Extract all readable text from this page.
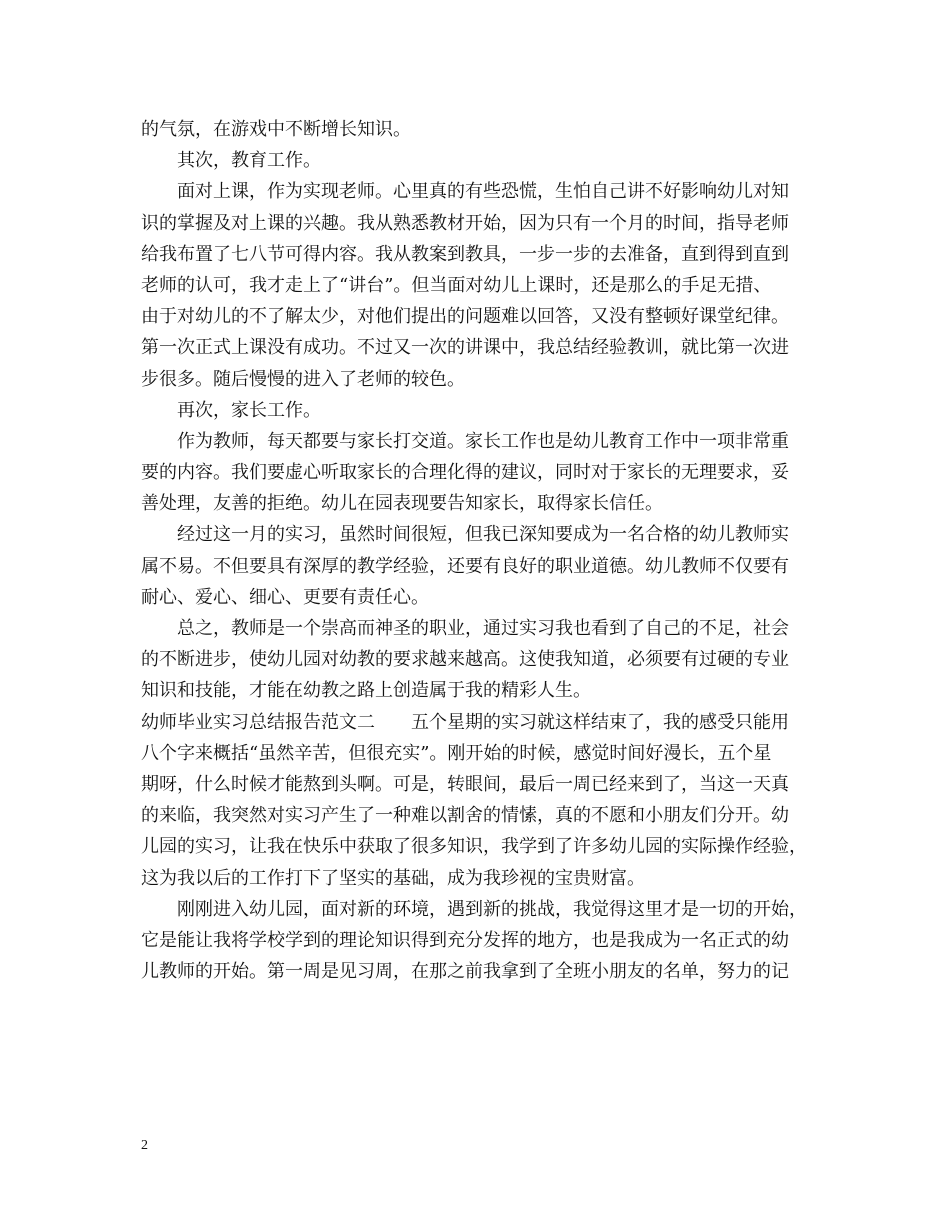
的气氛，在游戏中不断增长知识。
其次，教育工作。
面对上课，作为实现老师。心里真的有些恐慌，生怕自己讲不好影响幼儿对知
识的掌握及对上课的兴趣。我从熟悉教材开始，因为只有一个月的时间，指导老师
给我布置了七八节可得内容。我从教案到教具，一步一步的去准备，直到得到直到
老师的认可，我才走上了“讲台”。但当面对幼儿上课时，还是那么的手足无措、
由于对幼儿的不了解太少，对他们提出的问题难以回答，又没有整顿好课堂纪律。
第一次正式上课没有成功。不过又一次的讲课中，我总结经验教训，就比第一次进
步很多。随后慢慢的进入了老师的较色。
再次，家长工作。
作为教师，每天都要与家长打交道。家长工作也是幼儿教育工作中一项非常重
要的内容。我们要虚心听取家长的合理化得的建议，同时对于家长的无理要求，妥
善处理，友善的拒绝。幼儿在园表现要告知家长，取得家长信任。
经过这一月的实习，虽然时间很短，但我已深知要成为一名合格的幼儿教师实
属不易。不但要具有深厚的教学经验，还要有良好的职业道德。幼儿教师不仅要有
耐心、爱心、细心、更要有责任心。
总之，教师是一个崇高而神圣的职业，通过实习我也看到了自己的不足，社会
的不断进步，使幼儿园对幼教的要求越来越高。这使我知道，必须要有过硬的专业
知识和技能，才能在幼教之路上创造属于我的精彩人生。
幼师毕业实习总结报告范文二　　五个星期的实习就这样结束了，我的感受只能用
八个字来概括“虽然辛苦，但很充实”。刚开始的时候，感觉时间好漫长，五个星
期呀，什么时候才能熬到头啊。可是，转眼间，最后一周已经来到了，当这一天真
的来临，我突然对实习产生了一种难以割舍的情愫，真的不愿和小朋友们分开。幼
儿园的实习，让我在快乐中获取了很多知识，我学到了许多幼儿园的实际操作经验，
这为我以后的工作打下了坚实的基础，成为我珍视的宝贵财富。
刚刚进入幼儿园，面对新的环境，遇到新的挑战，我觉得这里才是一切的开始，
它是能让我将学校学到的理论知识得到充分发挥的地方，也是我成为一名正式的幼
儿教师的开始。第一周是见习周，在那之前我拿到了全班小朋友的名单，努力的记
2
